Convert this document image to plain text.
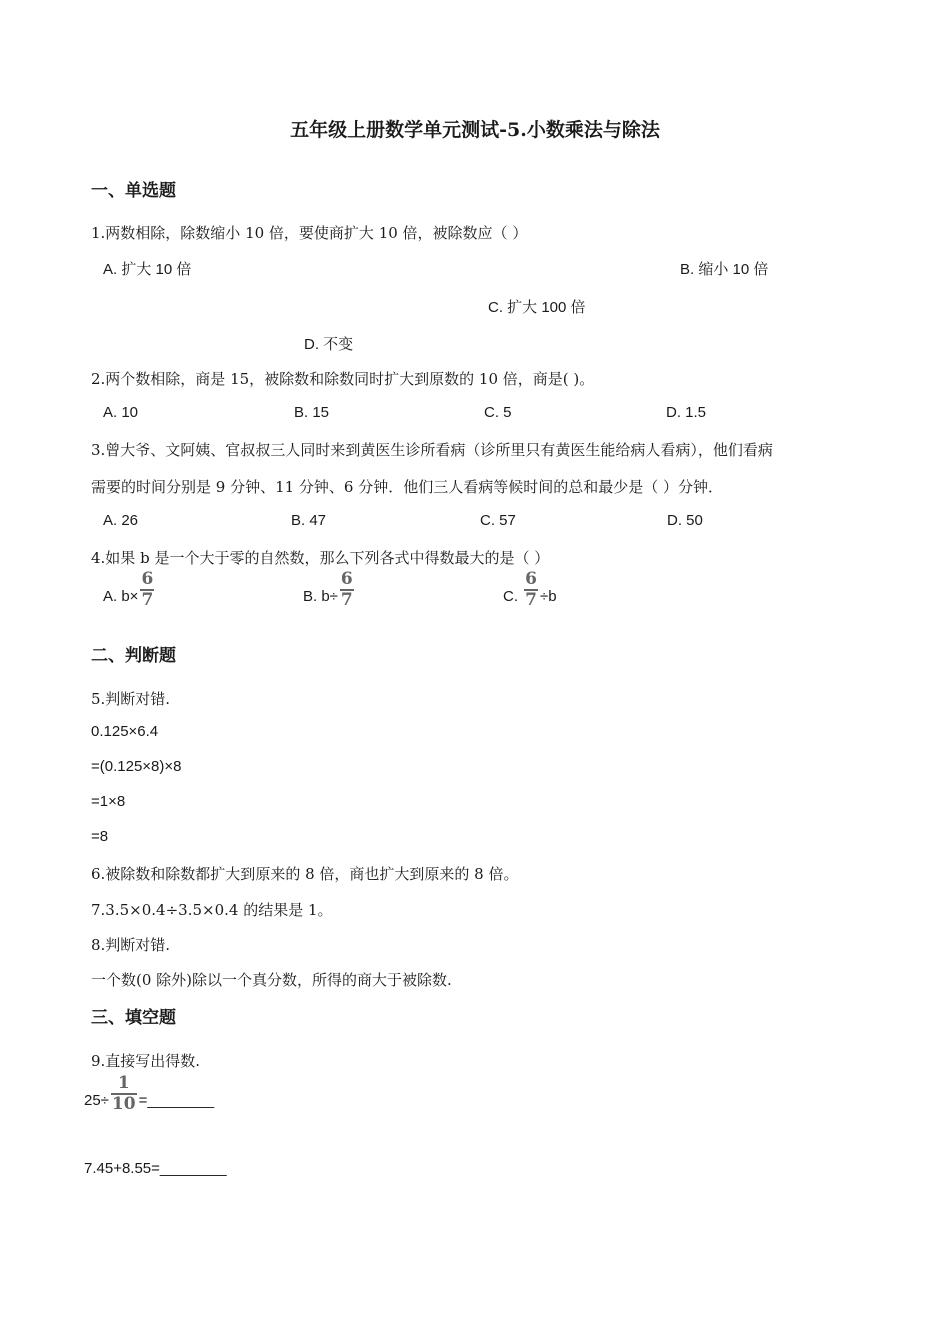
五年级上册数学单元测试-5.小数乘法与除法
一、单选题
1.两数相除，除数缩小 10 倍，要使商扩大 10 倍，被除数应（ ）
A. 扩大 10 倍	B. 缩小 10 倍
C. 扩大 100 倍
D. 不变
2.两个数相除，商是 15，被除数和除数同时扩大到原数的 10 倍，商是( )。
A. 10	B. 15	C. 5	D. 1.5
3.曾大爷、文阿姨、官叔叔三人同时来到黄医生诊所看病（诊所里只有黄医生能给病人看病），他们看病
需要的时间分别是 9 分钟、11 分钟、6 分钟．他们三人看病等候时间的总和最少是（ ）分钟．
A. 26	B. 47	C. 57	D. 50
4.如果 b 是一个大于零的自然数，那么下列各式中得数最大的是（ ）
A. $b\times \frac{6}{7}$	B. $b\div \frac{6}{7}$	C. $\frac{6}{7} \div b$
二、判断题
5.判断对错.
0.125×6.4
=(0.125×8)×8
=1×8
=8
6.被除数和除数都扩大到原来的 8 倍，商也扩大到原来的 8 倍。
7.3.5×0.4÷3.5×0.4 的结果是 1。
8.判断对错.
一个数(0 除外)除以一个真分数，所得的商大于被除数.
三、填空题
9.直接写出得数.
$25\div \frac{1}{10}$ =________
7.45+8.55=________
